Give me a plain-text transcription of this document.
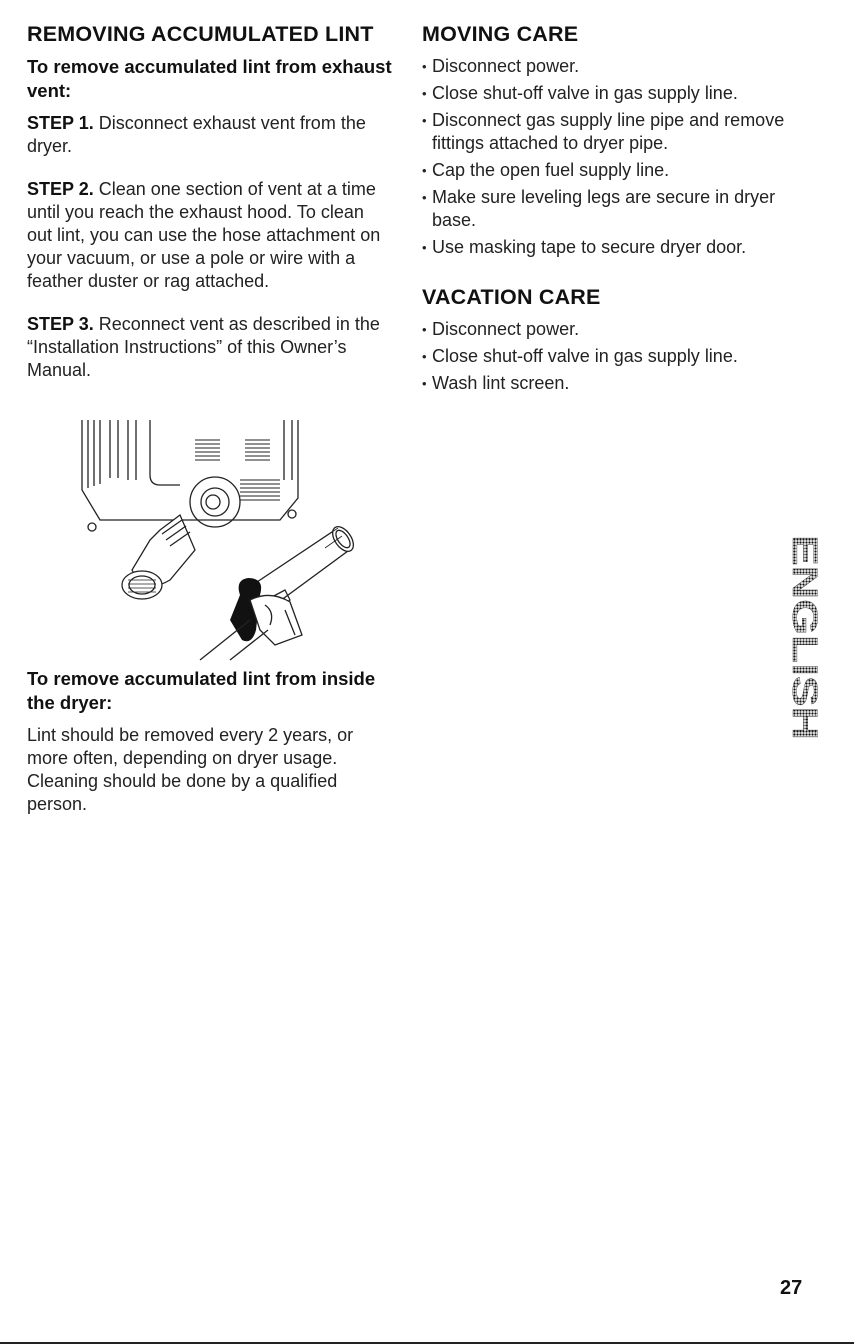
REMOVING ACCUMULATED LINT
To remove accumulated lint from exhaust vent:

STEP 1. Disconnect exhaust vent from the dryer.

STEP 2. Clean one section of vent at a time until you reach the exhaust hood. To clean out lint, you can use the hose attachment on your vacuum, or use a pole or wire with a feather duster or rag attached.

STEP 3. Reconnect vent as described in the “Installation Instructions” of this Owner’s Manual.

To remove accumulated lint from inside the dryer:

Lint should be removed every 2 years, or more often, depending on dryer usage. Cleaning should be done by a qualified person.

MOVING CARE
• Disconnect power.
• Close shut-off valve in gas supply line.
• Disconnect gas supply line pipe and remove fittings attached to dryer pipe.
• Cap the open fuel supply line.
• Make sure leveling legs are secure in dryer base.
• Use masking tape to secure dryer door.
VACATION CARE
• Disconnect power.
• Close shut-off valve in gas supply line.
• Wash lint screen.
ENGLISH
27
